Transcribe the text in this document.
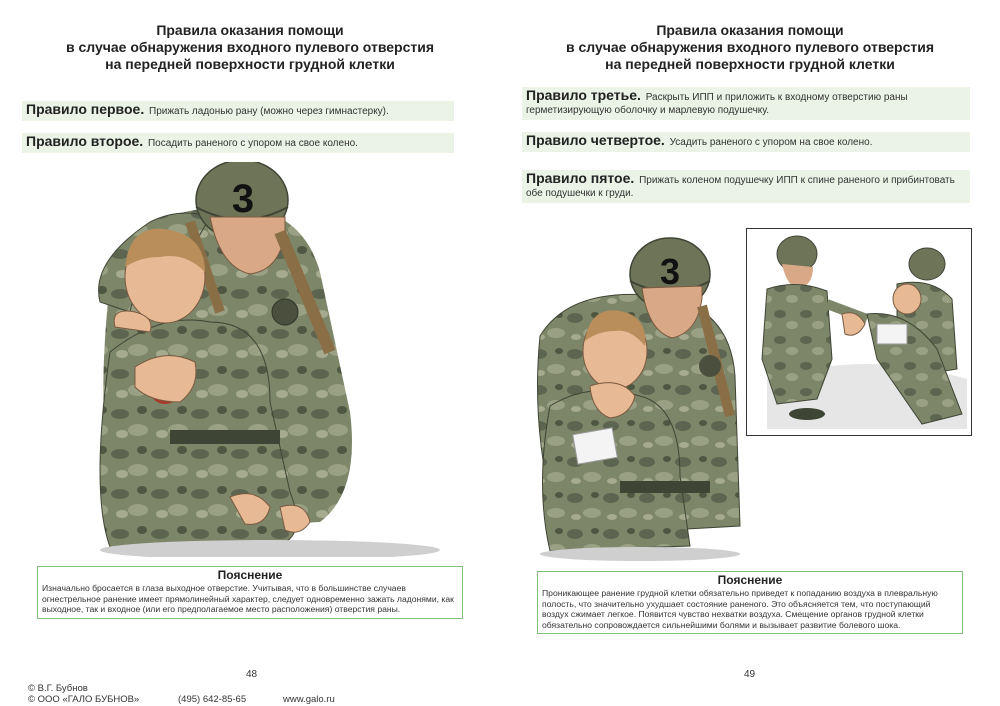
Правила оказания помощи
в случае обнаружения входного пулевого отверстия
на передней поверхности грудной клетки
Правило первое. Прижать ладонью рану (можно через гимнастерку).
Правило второе. Посадить раненого с упором на свое колено.
3
Пояснение
Изначально бросается в глаза выходное отверстие. Учитывая, что в большинстве случаев огнестрельное ранение имеет прямолинейный характер, следует одновременно зажать ладонями, как выходное, так и входное (или его предполагаемое место расположения) отверстия раны.
48
Правила оказания помощи
в случае обнаружения входного пулевого отверстия
на передней поверхности грудной клетки
Правило третье. Раскрыть ИПП и приложить к входному отверстию раны герметизирующую оболочку и марлевую подушечку.
Правило четвертое. Усадить раненого с упором на свое колено.
Правило пятое. Прижать коленом подушечку ИПП к спине раненого и прибинтовать обе подушечки к груди.
3
Пояснение
Проникающее ранение грудной клетки обязательно приведет к попаданию воздуха в плевральную полость, что значительно ухудшает состояние раненого. Это объясняется тем, что поступающий воздух сжимает легкое. Появится чувство нехватки воздуха. Смещение органов грудной клетки обязательно сопровождается сильнейшими болями и вызывает развитие болевого шока.
49
© В.Г. Бубнов
© ООО «ГАЛО БУБНОВ»	(495) 642-85-65	www.galo.ru
